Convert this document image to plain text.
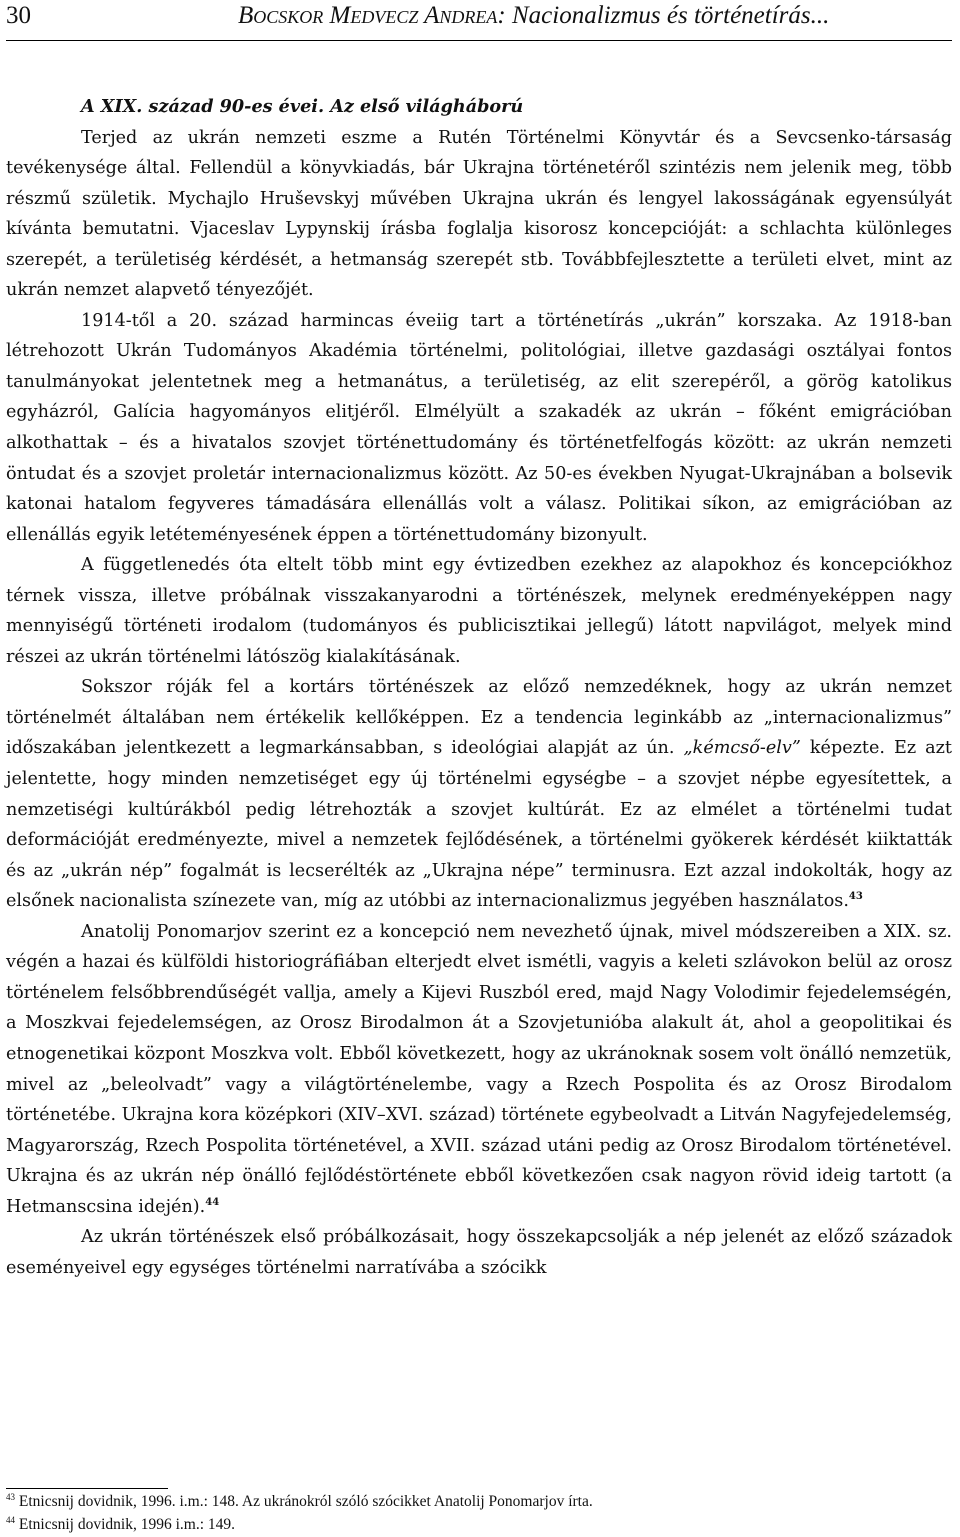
30	Bocskor Medvecz Andrea: Nacionalizmus és történetírás...

A XIX. század 90-es évei. Az első világháború

Terjed az ukrán nemzeti eszme a Rutén Történelmi Könyvtár és a Sevcsenko-társaság tevékenysége által. Fellendül a könyvkiadás, bár Ukrajna történetéről szintézis nem jelenik meg, több részmű születik. Mychajlo Hruševskyj művében Ukrajna ukrán és lengyel lakosságának egyensúlyát kívánta bemutatni. Vjaceslav Lypynskij írásba foglalja kisorosz koncepcióját: a schlachta különleges szerepét, a területiség kérdését, a hetmanság szerepét stb. Továbbfejlesztette a területi elvet, mint az ukrán nemzet alapvető tényezőjét.

1914-től a 20. század harmincas éveiig tart a történetírás „ukrán” korszaka. Az 1918-ban létrehozott Ukrán Tudományos Akadémia történelmi, politológiai, illetve gazdasági osztályai fontos tanulmányokat jelentetnek meg a hetmanátus, a területiség, az elit szerepéről, a görög katolikus egyházról, Galícia hagyományos elitjéről. Elmélyült a szakadék az ukrán – főként emigrációban alkothattak – és a hivatalos szovjet történettudomány és történetfelfogás között: az ukrán nemzeti öntudat és a szovjet proletár internacionalizmus között. Az 50-es években Nyugat-Ukrajnában a bolsevik katonai hatalom fegyveres támadására ellenállás volt a válasz. Politikai síkon, az emigrációban az ellenállás egyik letéteményesének éppen a történettudomány bizonyult.

A függetlenedés óta eltelt több mint egy évtizedben ezekhez az alapokhoz és koncepciókhoz térnek vissza, illetve próbálnak visszakanyarodni a történészek, melynek eredményeképpen nagy mennyiségű történeti irodalom (tudományos és publicisztikai jellegű) látott napvilágot, melyek mind részei az ukrán történelmi látószög kialakításának.

Sokszor róják fel a kortárs történészek az előző nemzedéknek, hogy az ukrán nemzet történelmét általában nem értékelik kellőképpen. Ez a tendencia leginkább az „internacionalizmus” időszakában jelentkezett a legmarkánsabban, s ideológiai alapját az ún. „kémcső-elv” képezte. Ez azt jelentette, hogy minden nemzetiséget egy új történelmi egységbe – a szovjet népbe egyesítettek, a nemzetiségi kultúrákból pedig létrehozták a szovjet kultúrát. Ez az elmélet a történelmi tudat deformációját eredményezte, mivel a nemzetek fejlődésének, a történelmi gyökerek kérdését kiiktatták és az „ukrán nép” fogalmát is lecserélték az „Ukrajna népe” terminusra. Ezt azzal indokolták, hogy az elsőnek nacionalista színezete van, míg az utóbbi az internacionalizmus jegyében használatos.$^{43}$

Anatolij Ponomarjov szerint ez a koncepció nem nevezhető újnak, mivel módszereiben a XIX. sz. végén a hazai és külföldi historiográfiában elterjedt elvet ismétli, vagyis a keleti szlávokon belül az orosz történelem felsőbbrendűségét vallja, amely a Kijevi Ruszból ered, majd Nagy Volodimir fejedelemségén, a Moszkvai fejedelemségen, az Orosz Birodalmon át a Szovjetunióba alakult át, ahol a geopolitikai és etnogenetikai központ Moszkva volt. Ebből következett, hogy az ukránoknak sosem volt önálló nemzetük, mivel az „beleolvadt” vagy a világtörténelembe, vagy a Rzech Pospolita és az Orosz Birodalom történetébe. Ukrajna kora középkori (XIV–XVI. század) története egybeolvadt a Litván Nagyfejedelemség, Magyarország, Rzech Pospolita történetével, a XVII. század utáni pedig az Orosz Birodalom történetével. Ukrajna és az ukrán nép önálló fejlődéstörténete ebből következően csak nagyon rövid ideig tartott (a Hetmanscsina idején).$^{44}$

Az ukrán történészek első próbálkozásait, hogy összekapcsolják a nép jelenét az előző századok eseményeivel egy egységes történelmi narratívába a szócikk

$^{43}$ Etnicsnij dovidnik, 1996. i.m.: 148. Az ukránokról szóló szócikket Anatolij Ponomarjov írta.
$^{44}$ Etnicsnij dovidnik, 1996 i.m.: 149.
